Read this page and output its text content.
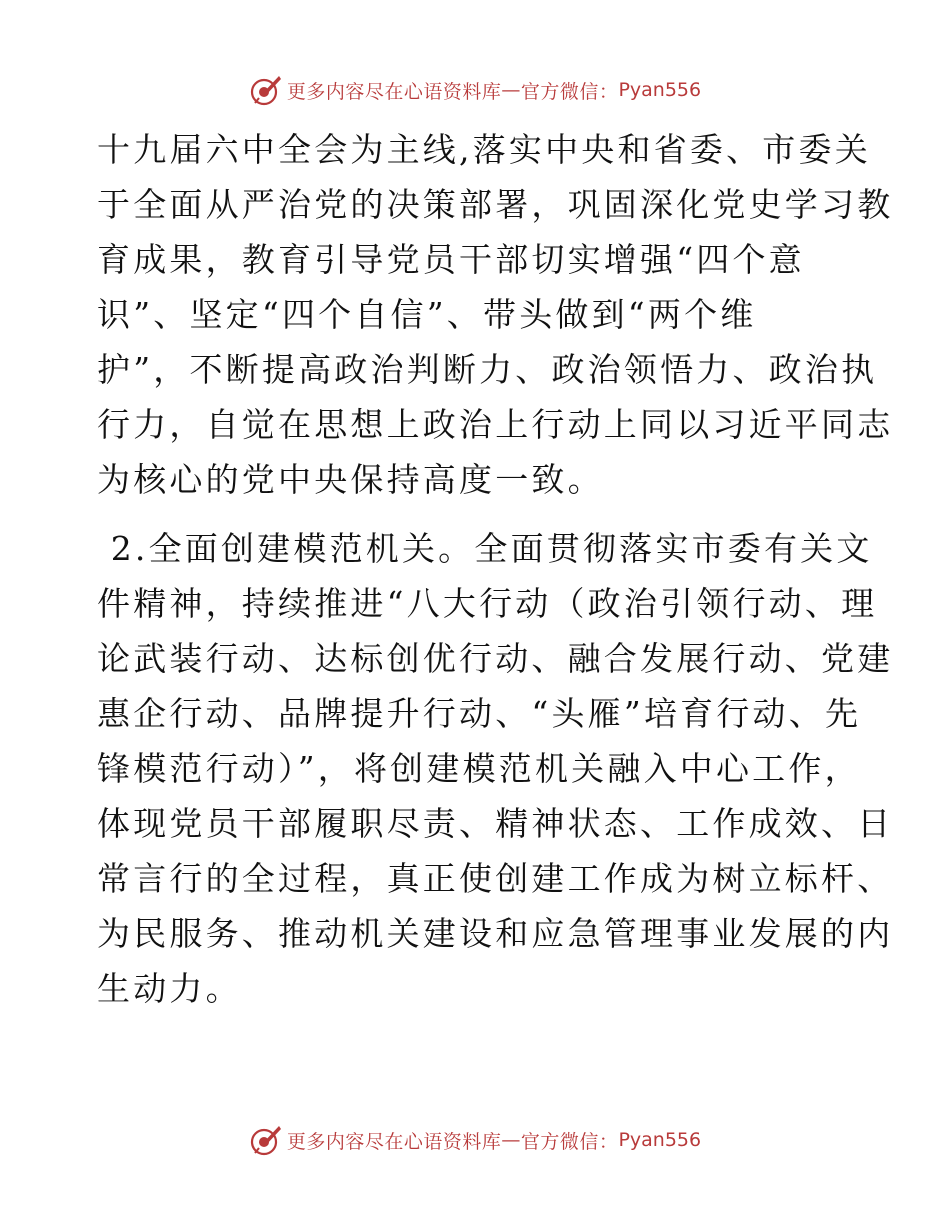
更多内容尽在心语资料库 — 官方微信： Pyan556

十九届六中全会为主线,落实中央和省委、市委关
于全面从严治党的决策部署，巩固深化党史学习教
育成果，教育引导党员干部切实增强“四个意
识”、坚定“四个自信”、带头做到“两个维
护”，不断提高政治判断力、政治领悟力、政治执
行力，自觉在思想上政治上行动上同以习近平同志
为核心的党中央保持高度一致。

2.全面创建模范机关。全面贯彻落实市委有关文
件精神，持续推进“八大行动（政治引领行动、理
论武装行动、达标创优行动、融合发展行动、党建
惠企行动、品牌提升行动、“头雁”培育行动、先
锋模范行动）”，将创建模范机关融入中心工作，
体现党员干部履职尽责、精神状态、工作成效、日
常言行的全过程，真正使创建工作成为树立标杆、
为民服务、推动机关建设和应急管理事业发展的内
生动力。

更多内容尽在心语资料库 — 官方微信： Pyan556
